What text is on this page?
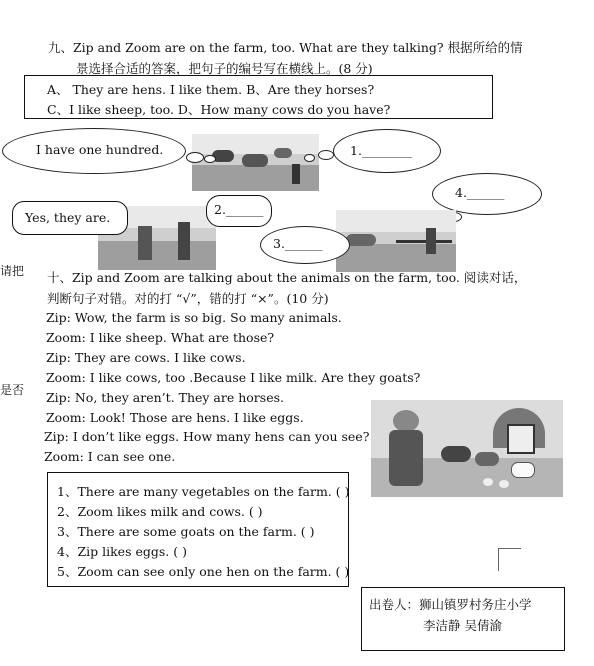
九、Zip and Zoom are on the farm, too. What are they talking? 根据所给的情
景选择合适的答案，把句子的编号写在横线上。(8 分)
A、 They are hens. I like them. B、Are they horses?
C、I like sheep, too. D、How many cows do you have?
I have one hundred.	1.________
4.______
Yes, they are.
2.______
3.______
请把
是否
十、Zip and Zoom are talking about the animals on the farm, too. 阅读对话，
判断句子对错。对的打 “√”，错的打 “×”。(10 分)
Zip: Wow, the farm is so big. So many animals.
Zoom: I like sheep. What are those?
Zip: They are cows. I like cows.
Zoom: I like cows, too .Because I like milk. Are they goats?
Zip: No, they aren’t. They are horses.
Zoom: Look! Those are hens. I like eggs.
Zip: I don’t like eggs. How many hens can you see?
Zoom: I can see one.
1、There are many vegetables on the farm. ( )
2、Zoom likes milk and cows. ( )
3、There are some goats on the farm. ( )
4、Zip likes eggs. ( )
5、Zoom can see only one hen on the farm. ( )
出卷人：狮山镇罗村务庄小学
李洁静 吴倩渝
